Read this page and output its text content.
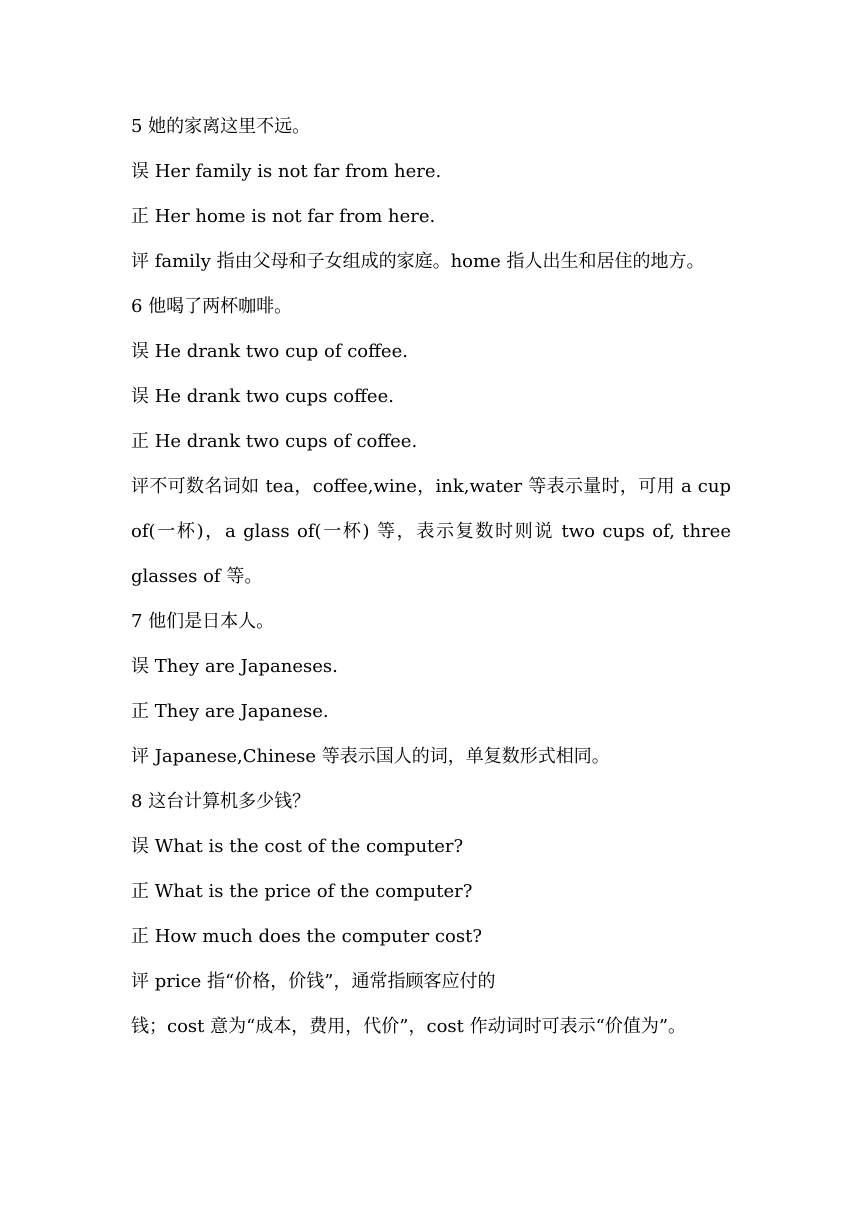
5 她的家离这里不远。
误 Her family is not far from here.
正 Her home is not far from here.
评 family 指由父母和子女组成的家庭。home 指人出生和居住的地方。
6 他喝了两杯咖啡。
误 He drank two cup of coffee.
误 He drank two cups coffee.
正 He drank two cups of coffee.
评不可数名词如 tea，coffee,wine，ink,water 等表示量时，可用 a cup
of(一杯)，a glass of(一杯) 等，表示复数时则说 two cups of, three
glasses of 等。
7 他们是日本人。
误 They are Japaneses.
正 They are Japanese.
评 Japanese,Chinese 等表示国人的词，单复数形式相同。
8 这台计算机多少钱？
误 What is the cost of the computer?
正 What is the price of the computer?
正 How much does the computer cost?
评 price 指“价格，价钱”，通常指顾客应付的
钱；cost 意为“成本，费用，代价”，cost 作动词时可表示“价值为”。
